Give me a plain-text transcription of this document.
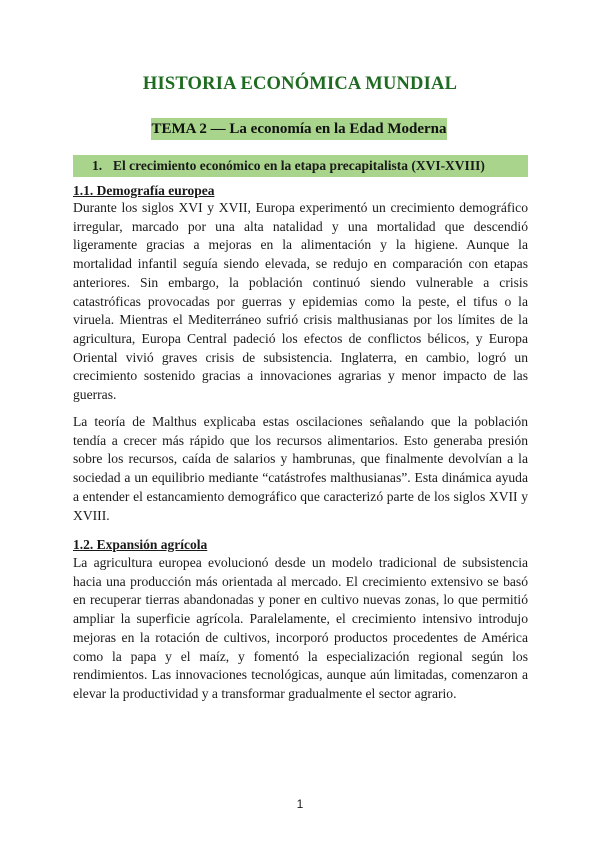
HISTORIA ECONÓMICA MUNDIAL
TEMA 2 — La economía en la Edad Moderna
1. El crecimiento económico en la etapa precapitalista (XVI-XVIII)
1.1. Demografía europea

Durante los siglos XVI y XVII, Europa experimentó un crecimiento demográfico irregular, marcado por una alta natalidad y una mortalidad que descendió ligeramente gracias a mejoras en la alimentación y la higiene. Aunque la mortalidad infantil seguía siendo elevada, se redujo en comparación con etapas anteriores. Sin embargo, la población continuó siendo vulnerable a crisis catastróficas provocadas por guerras y epidemias como la peste, el tifus o la viruela. Mientras el Mediterráneo sufrió crisis malthusianas por los límites de la agricultura, Europa Central padeció los efectos de conflictos bélicos, y Europa Oriental vivió graves crisis de subsistencia. Inglaterra, en cambio, logró un crecimiento sostenido gracias a innovaciones agrarias y menor impacto de las guerras.

La teoría de Malthus explicaba estas oscilaciones señalando que la población tendía a crecer más rápido que los recursos alimentarios. Esto generaba presión sobre los recursos, caída de salarios y hambrunas, que finalmente devolvían a la sociedad a un equilibrio mediante “catástrofes malthusianas”. Esta dinámica ayuda a entender el estancamiento demográfico que caracterizó parte de los siglos XVII y XVIII.

1.2. Expansión agrícola

La agricultura europea evolucionó desde un modelo tradicional de subsistencia hacia una producción más orientada al mercado. El crecimiento extensivo se basó en recuperar tierras abandonadas y poner en cultivo nuevas zonas, lo que permitió ampliar la superficie agrícola. Paralelamente, el crecimiento intensivo introdujo mejoras en la rotación de cultivos, incorporó productos procedentes de América como la papa y el maíz, y fomentó la especialización regional según los rendimientos. Las innovaciones tecnológicas, aunque aún limitadas, comenzaron a elevar la productividad y a transformar gradualmente el sector agrario.

1
